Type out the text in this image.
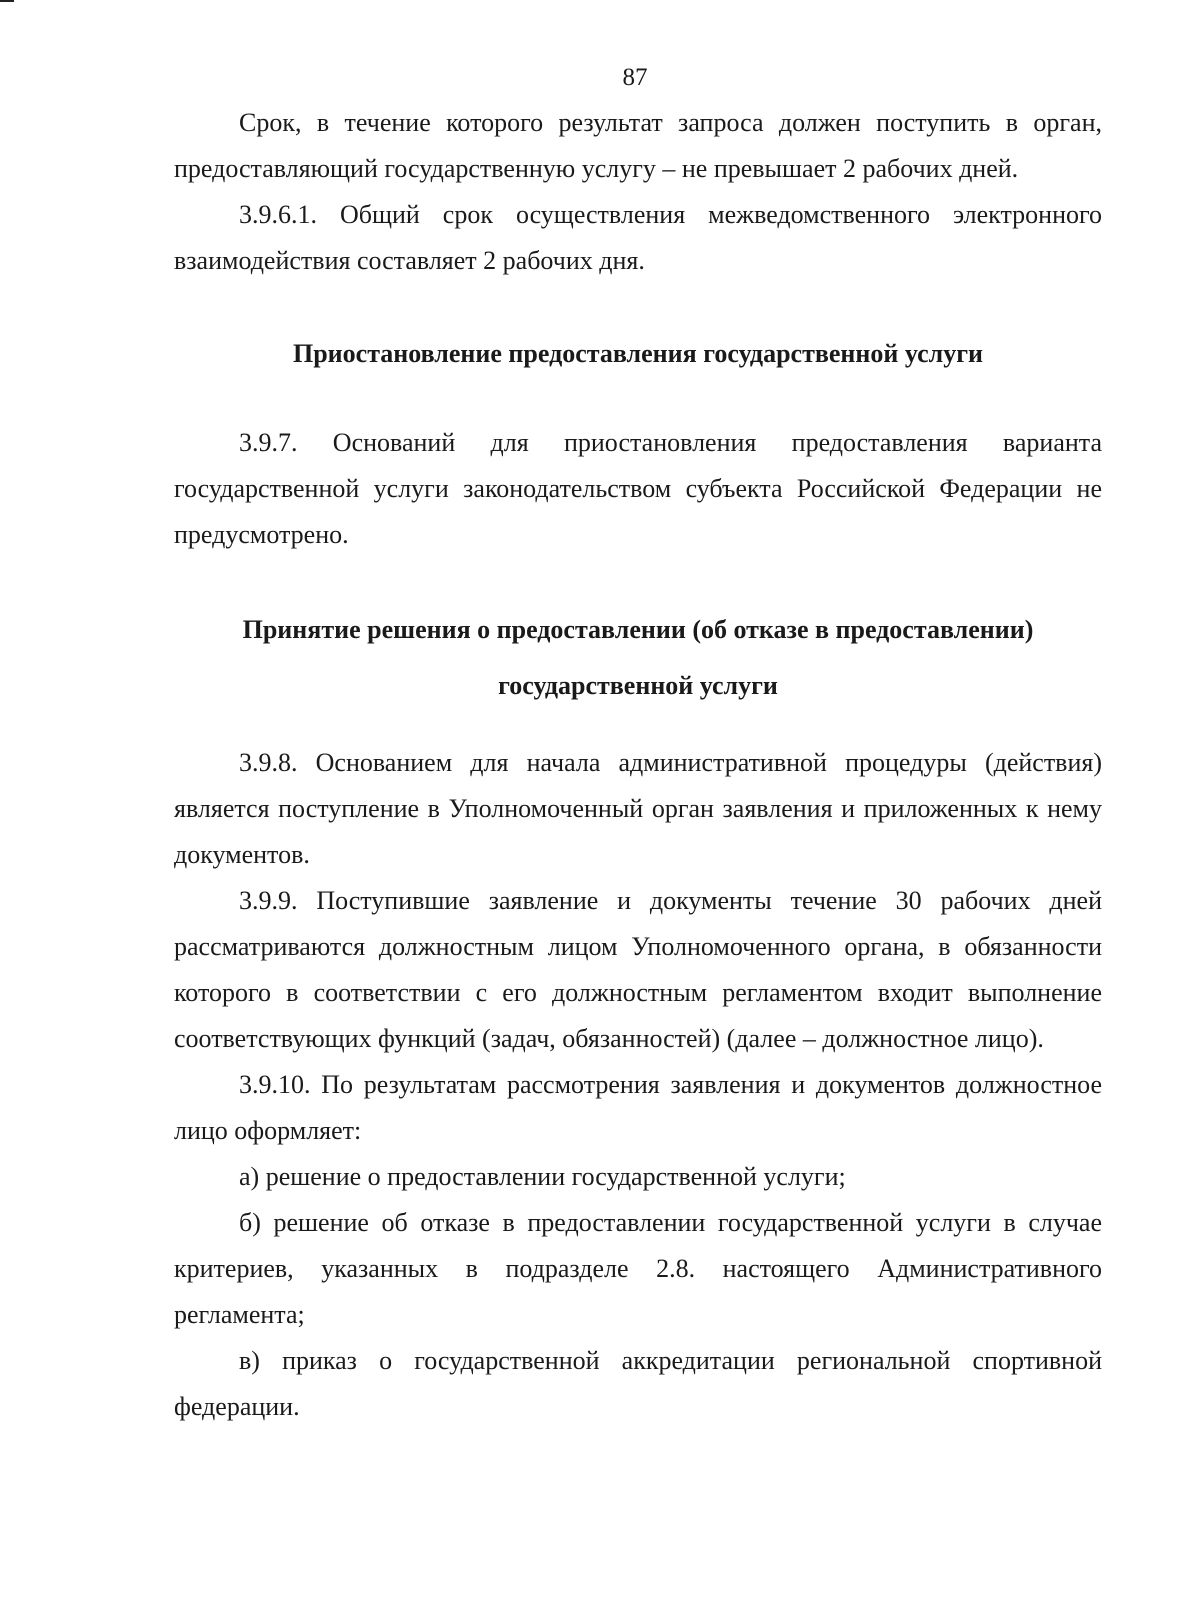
87

Срок, в течение которого результат запроса должен поступить в орган, предоставляющий государственную услугу – не превышает 2 рабочих дней.

3.9.6.1. Общий срок осуществления межведомственного электронного взаимодействия составляет 2 рабочих дня.

Приостановление предоставления государственной услуги

3.9.7. Оснований для приостановления предоставления варианта государственной услуги законодательством субъекта Российской Федерации не предусмотрено.

Принятие решения о предоставлении (об отказе в предоставлении) государственной услуги

3.9.8. Основанием для начала административной процедуры (действия) является поступление в Уполномоченный орган заявления и приложенных к нему документов.

3.9.9. Поступившие заявление и документы течение 30 рабочих дней рассматриваются должностным лицом Уполномоченного органа, в обязанности которого в соответствии с его должностным регламентом входит выполнение соответствующих функций (задач, обязанностей) (далее – должностное лицо).

3.9.10. По результатам рассмотрения заявления и документов должностное лицо оформляет:

а) решение о предоставлении государственной услуги;

б) решение об отказе в предоставлении государственной услуги в случае критериев, указанных в подразделе 2.8. настоящего Административного регламента;

в) приказ о государственной аккредитации региональной спортивной федерации.
